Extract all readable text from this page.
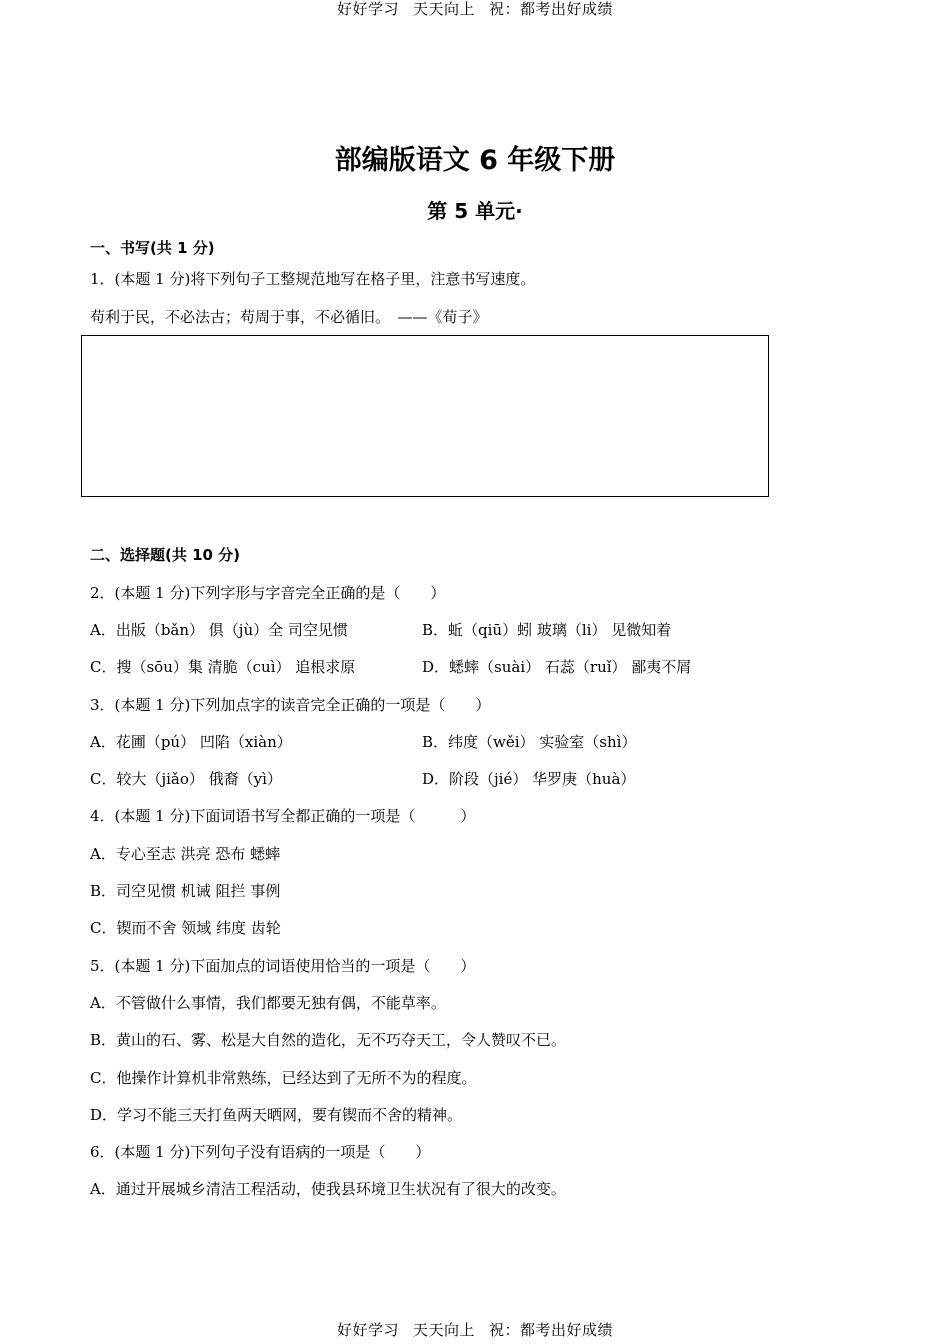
好好学习 天天向上 祝：都考出好成绩
部编版语文 6 年级下册
第 5 单元·
一、书写(共 1 分)
1．(本题 1 分)将下列句子工整规范地写在格子里，注意书写速度。
苟利于民，不必法古；苟周于事，不必循旧。　——《荀子》
二、选择题(共 10 分)
2．(本题 1 分)下列字形与字音完全正确的是（　　）
A．出版（bǎn） 俱（jù）全 司空见惯	B．蚯（qiū）蚓 玻璃（li） 见微知着
C．搜（sōu）集 清脆（cuì） 追根求原	D．蟋蟀（suài） 石蕊（ruǐ） 鄙夷不屑
3．(本题 1 分)下列加点字的读音完全正确的一项是（　　）
A．花圃（pú） 凹陷（xiàn）	B．纬度（wěi） 实验室（shì）
C．较大（jiǎo） 俄裔（yì）	D．阶段（jié） 华罗庚（huà）
4．(本题 1 分)下面词语书写全都正确的一项是（　　　）
A．专心至志 洪亮 恐布 蟋蟀
B．司空见惯 机诫 阻拦 事例
C．锲而不舍 领域 纬度 齿轮
5．(本题 1 分)下面加点的词语使用恰当的一项是（　　）
A．不管做什么事情，我们都要无独有偶，不能草率。
B．黄山的石、雾、松是大自然的造化，无不巧夺天工，令人赞叹不已。
C．他操作计算机非常熟练，已经达到了无所不为的程度。
D．学习不能三天打鱼两天晒网，要有锲而不舍的精神。
6．(本题 1 分)下列句子没有语病的一项是（　　）
A．通过开展城乡清洁工程活动，使我县环境卫生状况有了很大的改变。
好好学习 天天向上 祝：都考出好成绩
